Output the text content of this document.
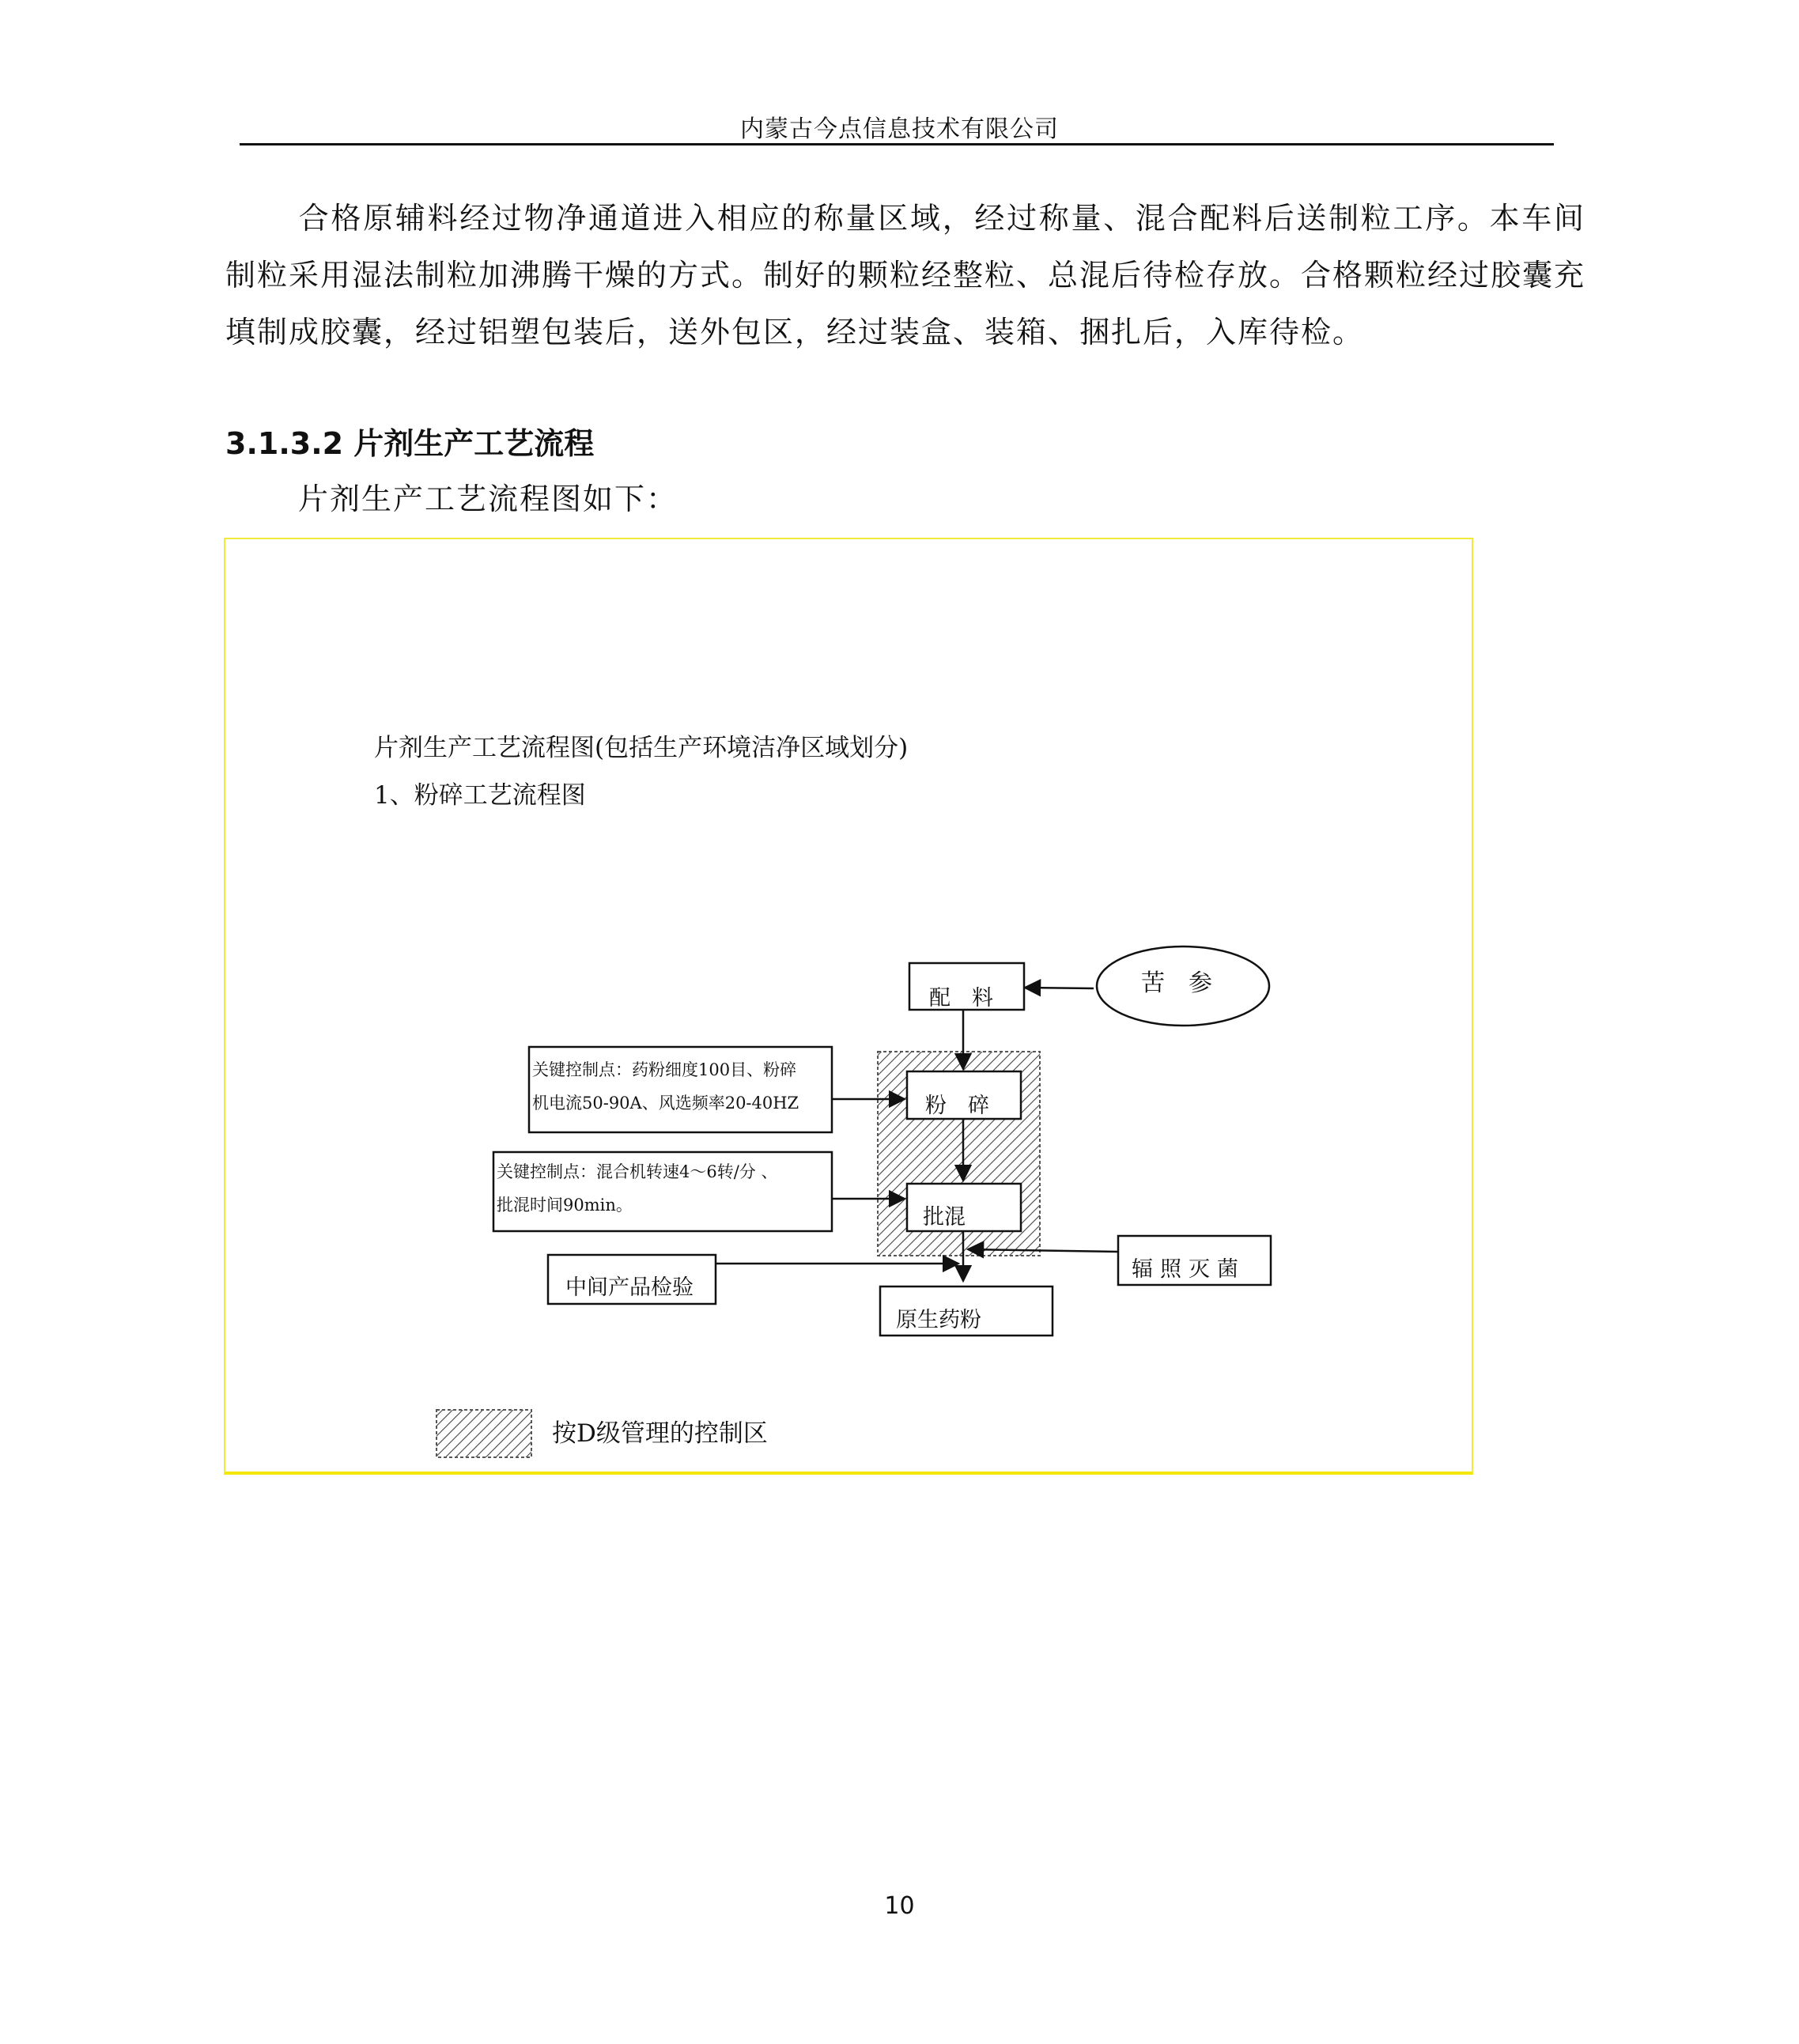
内蒙古今点信息技术有限公司
合格原辅料经过物净通道进入相应的称量区域，经过称量、混合配料后送制粒工序。本车间制粒采用湿法制粒加沸腾干燥的方式。制好的颗粒经整粒、总混后待检存放。合格颗粒经过胶囊充填制成胶囊，经过铝塑包装后，送外包区，经过装盒、装箱、捆扎后，入库待检。
3.1.3.2 片剂生产工艺流程
片剂生产工艺流程图如下：
片剂生产工艺流程图(包括生产环境洁净区域划分)
1、粉碎工艺流程图
配　料
苦　参
粉　碎
批混
原生药粉
辐照灭菌
中间产品检验
关键控制点：药粉细度100目、粉碎
机电流50-90A、风选频率20-40HZ
关键控制点：混合机转速4～6转/分 、
批混时间90min。
按D级管理的控制区
10
